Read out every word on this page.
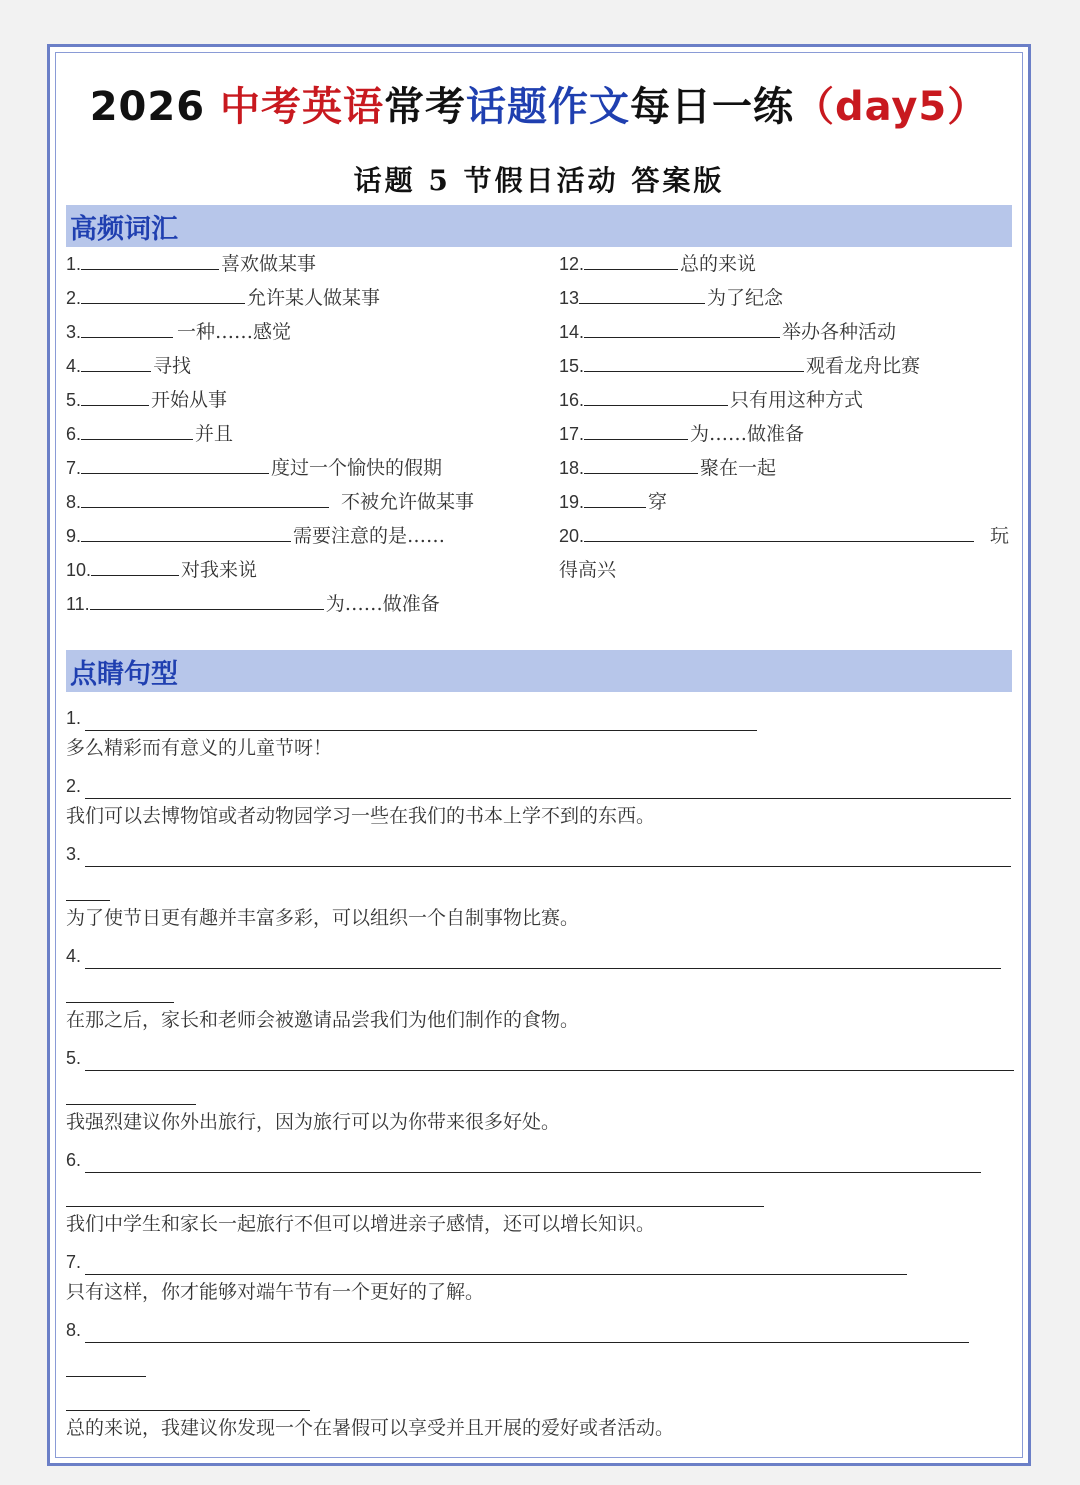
2026 中考英语常考话题作文每日一练（day5）
话题 5 节假日活动 答案版
高频词汇
1.	喜欢做某事
2.	允许某人做某事
3.	一种……感觉
4.	寻找
5.	开始从事
6.	并且
7.	度过一个愉快的假期
8.	不被允许做某事
9.	需要注意的是……
10.	对我来说
11.	为……做准备
12.	总的来说
13	为了纪念
14.	举办各种活动
15.	观看龙舟比赛
16.	只有用这种方式
17.	为……做准备
18.	聚在一起
19.	穿
20.	玩
得高兴
点睛句型
1.
多么精彩而有意义的儿童节呀！
2.
我们可以去博物馆或者动物园学习一些在我们的书本上学不到的东西。
3.
为了使节日更有趣并丰富多彩，可以组织一个自制事物比赛。
4.
在那之后，家长和老师会被邀请品尝我们为他们制作的食物。
5.
我强烈建议你外出旅行，因为旅行可以为你带来很多好处。
6.
我们中学生和家长一起旅行不但可以增进亲子感情，还可以增长知识。
7.
只有这样，你才能够对端午节有一个更好的了解。
8.
总的来说，我建议你发现一个在暑假可以享受并且开展的爱好或者活动。
